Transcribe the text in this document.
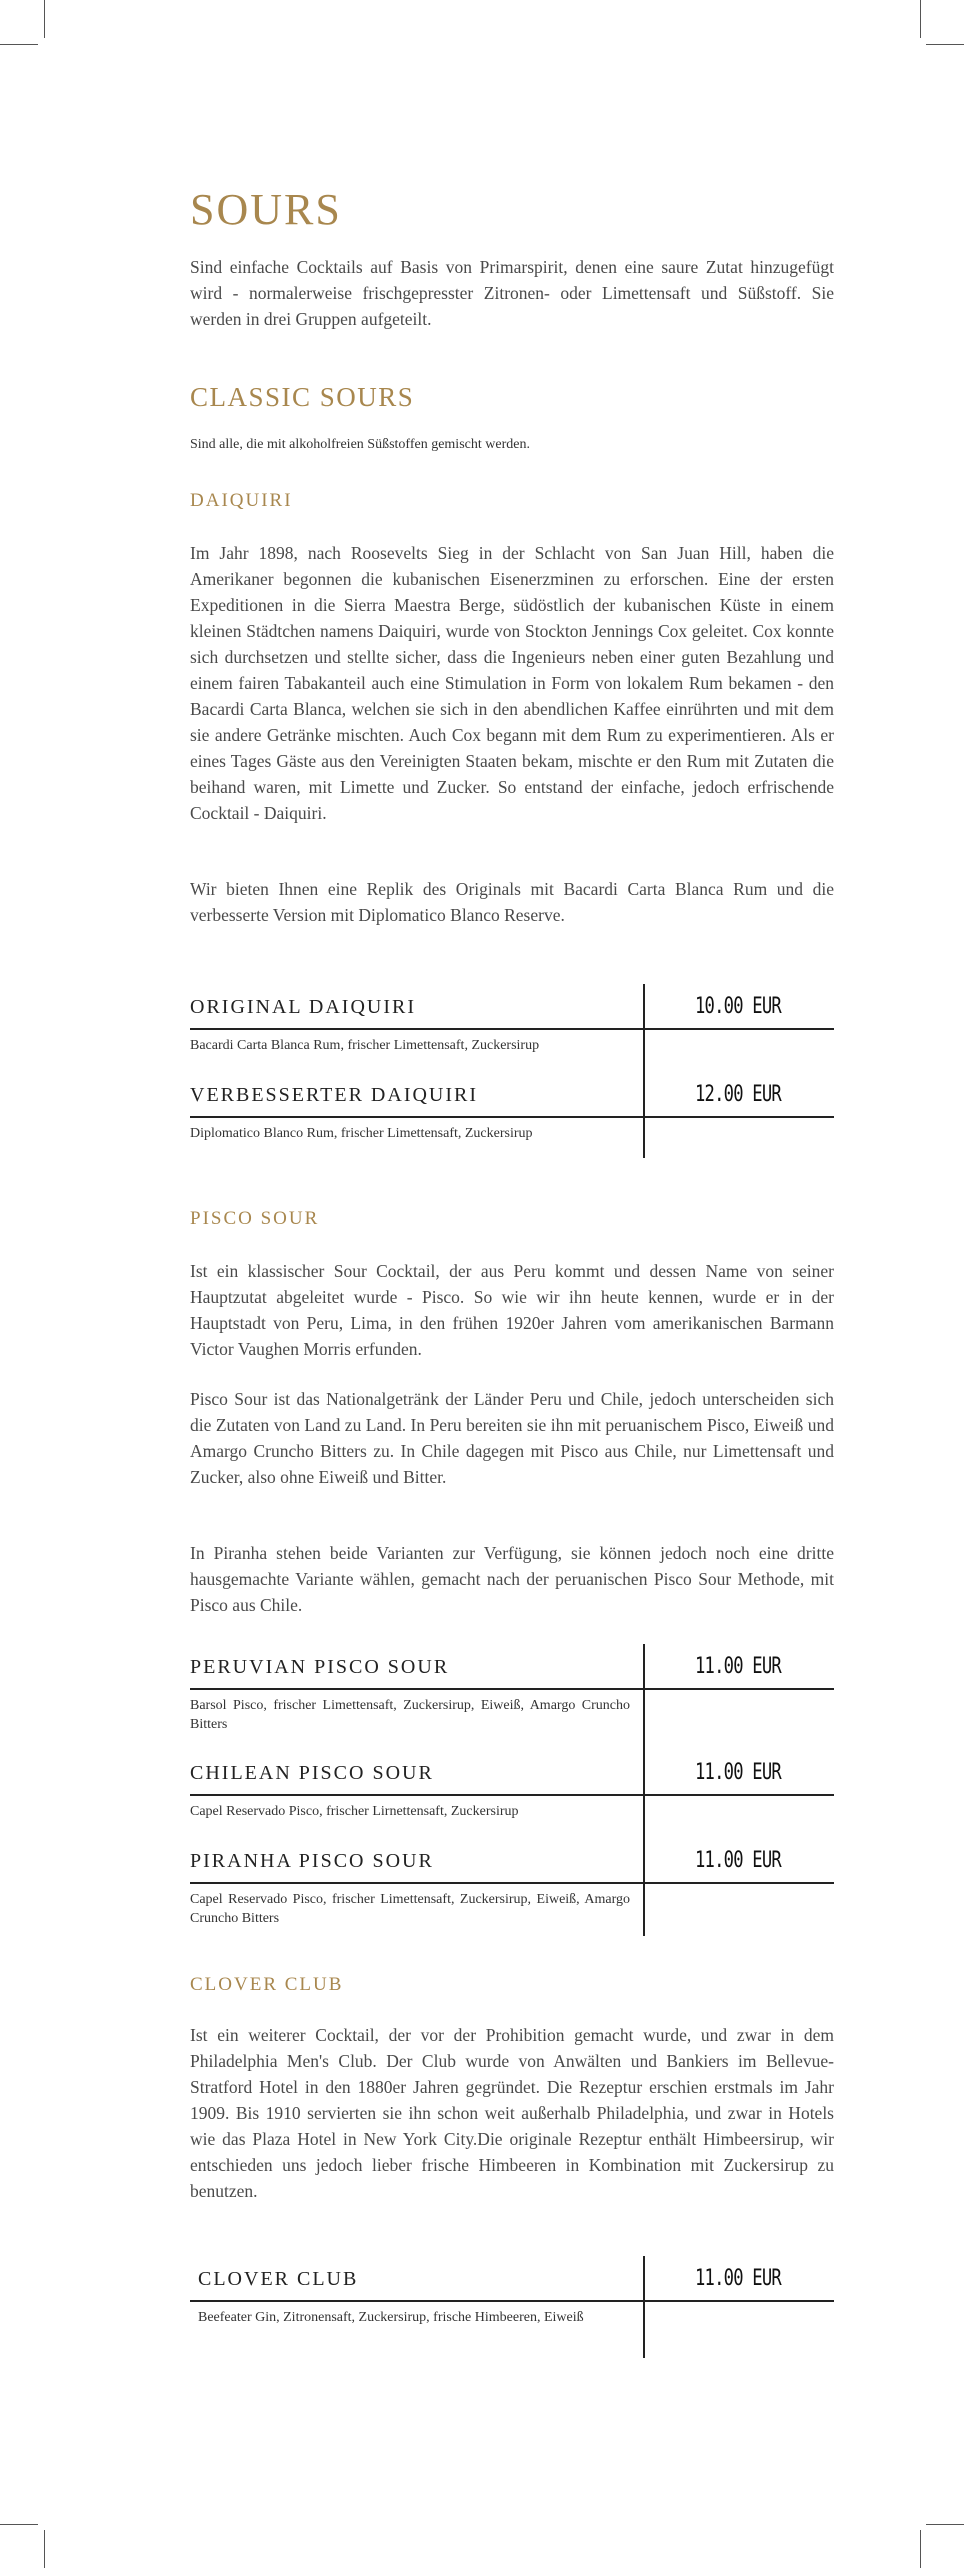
SOURS

Sind einfache Cocktails auf Basis von Primarspirit, denen eine saure Zutat hinzugefügt wird - normalerweise frischgepresster Zitronen- oder Limettensaft und Süßstoff. Sie werden in drei Gruppen aufgeteilt.

CLASSIC SOURS

Sind alle, die mit alkoholfreien Süßstoffen gemischt werden.

DAIQUIRI

Im Jahr 1898, nach Roosevelts Sieg in der Schlacht von San Juan Hill, haben die Amerikaner begonnen die kubanischen Eisenerzminen zu erforschen. Eine der ersten Expeditionen in die Sierra Maestra Berge, südöstlich der kubanischen Küste in einem kleinen Städtchen namens Daiquiri, wurde von Stockton Jennings Cox geleitet. Cox konnte sich durchsetzen und stellte sicher, dass die Ingenieurs neben einer guten Bezahlung und einem fairen Tabakanteil auch eine Stimulation in Form von lokalem Rum bekamen - den Bacardi Carta Blanca, welchen sie sich in den abendlichen Kaffee einrührten und mit dem sie andere Getränke mischten. Auch Cox begann mit dem Rum zu experimentieren. Als er eines Tages Gäste aus den Vereinigten Staaten bekam, mischte er den Rum mit Zutaten die beihand waren, mit Limette und Zucker. So entstand der einfache, jedoch erfrischende Cocktail - Daiquiri.

Wir bieten Ihnen eine Replik des Originals mit Bacardi Carta Blanca Rum und die verbesserte Version mit Diplomatico Blanco Reserve.

ORIGINAL DAIQUIRI	10.00 EUR
Bacardi Carta Blanca Rum, frischer Limettensaft, Zuckersirup
VERBESSERTER DAIQUIRI	12.00 EUR
Diplomatico Blanco Rum, frischer Limettensaft, Zuckersirup
PISCO SOUR

Ist ein klassischer Sour Cocktail, der aus Peru kommt und dessen Name von seiner Hauptzutat abgeleitet wurde - Pisco. So wie wir ihn heute kennen, wurde er in der Hauptstadt von Peru, Lima, in den frühen 1920er Jahren vom amerikanischen Barmann Victor Vaughen Morris erfunden.

Pisco Sour ist das Nationalgetränk der Länder Peru und Chile, jedoch unterscheiden sich die Zutaten von Land zu Land. In Peru bereiten sie ihn mit peruanischem Pisco, Eiweiß und Amargo Cruncho Bitters zu. In Chile dagegen mit Pisco aus Chile, nur Limettensaft und Zucker, also ohne Eiweiß und Bitter.

In Piranha stehen beide Varianten zur Verfügung, sie können jedoch noch eine dritte hausgemachte Variante wählen, gemacht nach der peruanischen Pisco Sour Methode, mit Pisco aus Chile.

PERUVIAN PISCO SOUR	11.00 EUR
Barsol Pisco, frischer Limettensaft, Zuckersirup, Eiweiß, Amargo Cruncho Bitters
CHILEAN PISCO SOUR	11.00 EUR
Capel Reservado Pisco, frischer Lirnettensaft, Zuckersirup
PIRANHA PISCO SOUR	11.00 EUR
Capel Reservado Pisco, frischer Limettensaft, Zuckersirup, Eiweiß, Amargo Cruncho Bitters
CLOVER CLUB

Ist ein weiterer Cocktail, der vor der Prohibition gemacht wurde, und zwar in dem Philadelphia Men's Club. Der Club wurde von Anwälten und Bankiers im Bellevue-Stratford Hotel in den 1880er Jahren gegründet. Die Rezeptur erschien erstmals im Jahr 1909. Bis 1910 servierten sie ihn schon weit außerhalb Philadelphia, und zwar in Hotels wie das Plaza Hotel in New York City.Die originale Rezeptur enthält Himbeersirup, wir entschieden uns jedoch lieber frische Himbeeren in Kombination mit Zuckersirup zu benutzen.

CLOVER CLUB	11.00 EUR
Beefeater Gin, Zitronensaft, Zuckersirup, frische Himbeeren, Eiweiß
